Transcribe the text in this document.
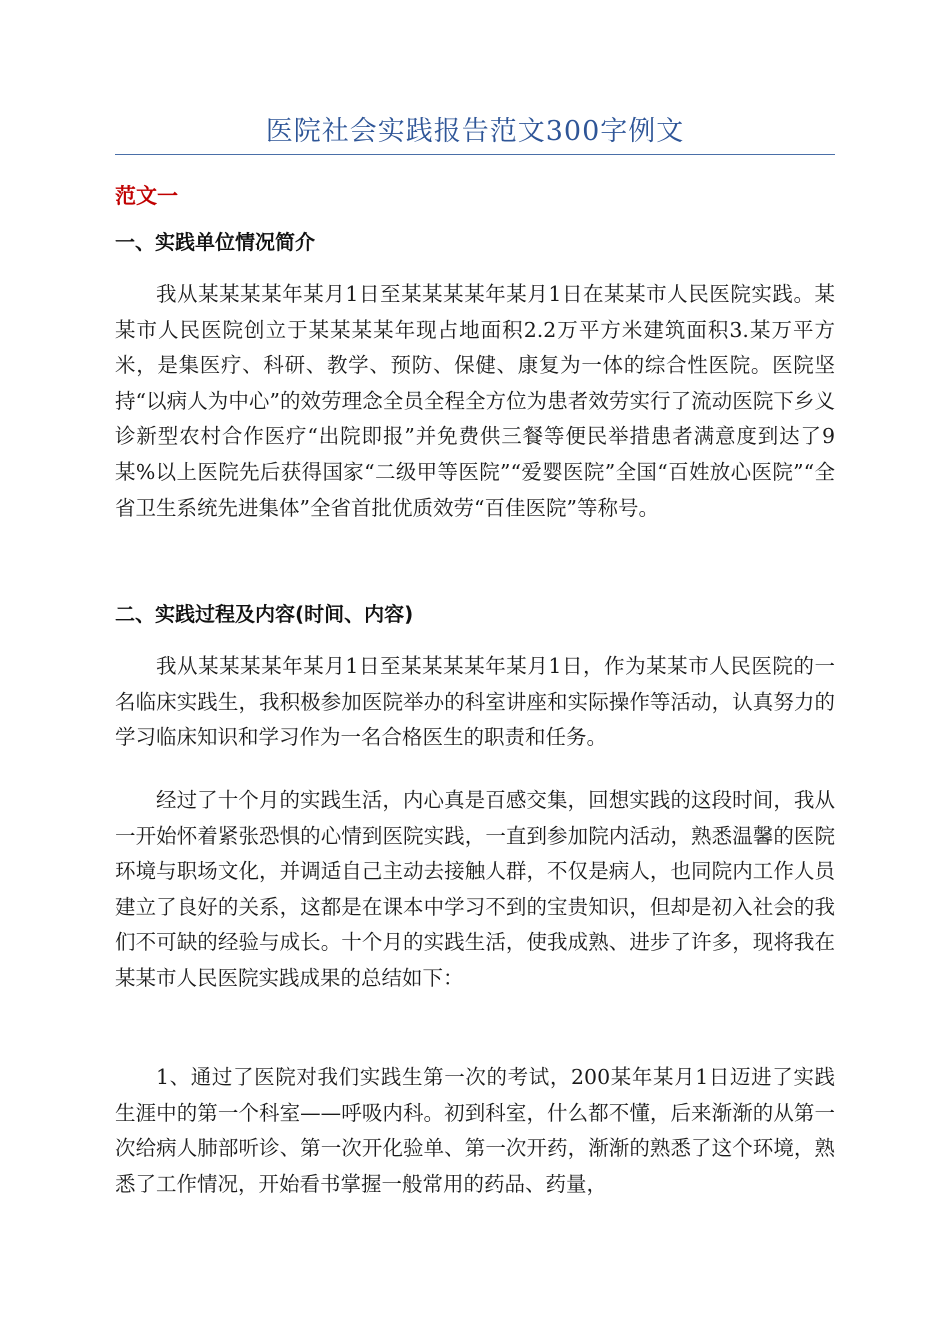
医院社会实践报告范文300字例文
范文一
一、实践单位情况简介

我从某某某某年某月1日至某某某某年某月1日在某某市人民医院实践。某某市人民医院创立于某某某某年现占地面积2.2万平方米建筑面积3.某万平方米，是集医疗、科研、教学、预防、保健、康复为一体的综合性医院。医院坚持“以病人为中心”的效劳理念全员全程全方位为患者效劳实行了流动医院下乡义诊新型农村合作医疗“出院即报”并免费供三餐等便民举措患者满意度到达了9某%以上医院先后获得国家“二级甲等医院”“爱婴医院”全国“百姓放心医院”“全省卫生系统先进集体”全省首批优质效劳“百佳医院”等称号。

二、实践过程及内容(时间、内容)

我从某某某某年某月1日至某某某某年某月1日，作为某某市人民医院的一名临床实践生，我积极参加医院举办的科室讲座和实际操作等活动，认真努力的学习临床知识和学习作为一名合格医生的职责和任务。

经过了十个月的实践生活，内心真是百感交集，回想实践的这段时间，我从一开始怀着紧张恐惧的心情到医院实践，一直到参加院内活动，熟悉温馨的医院环境与职场文化，并调适自己主动去接触人群，不仅是病人，也同院内工作人员建立了良好的关系，这都是在课本中学习不到的宝贵知识，但却是初入社会的我们不可缺的经验与成长。十个月的实践生活，使我成熟、进步了许多，现将我在某某市人民医院实践成果的总结如下：

1、通过了医院对我们实践生第一次的考试，200某年某月1日迈进了实践生涯中的第一个科室——呼吸内科。初到科室，什么都不懂，后来渐渐的从第一次给病人肺部听诊、第一次开化验单、第一次开药，渐渐的熟悉了这个环境，熟悉了工作情况，开始看书掌握一般常用的药品、药量，
